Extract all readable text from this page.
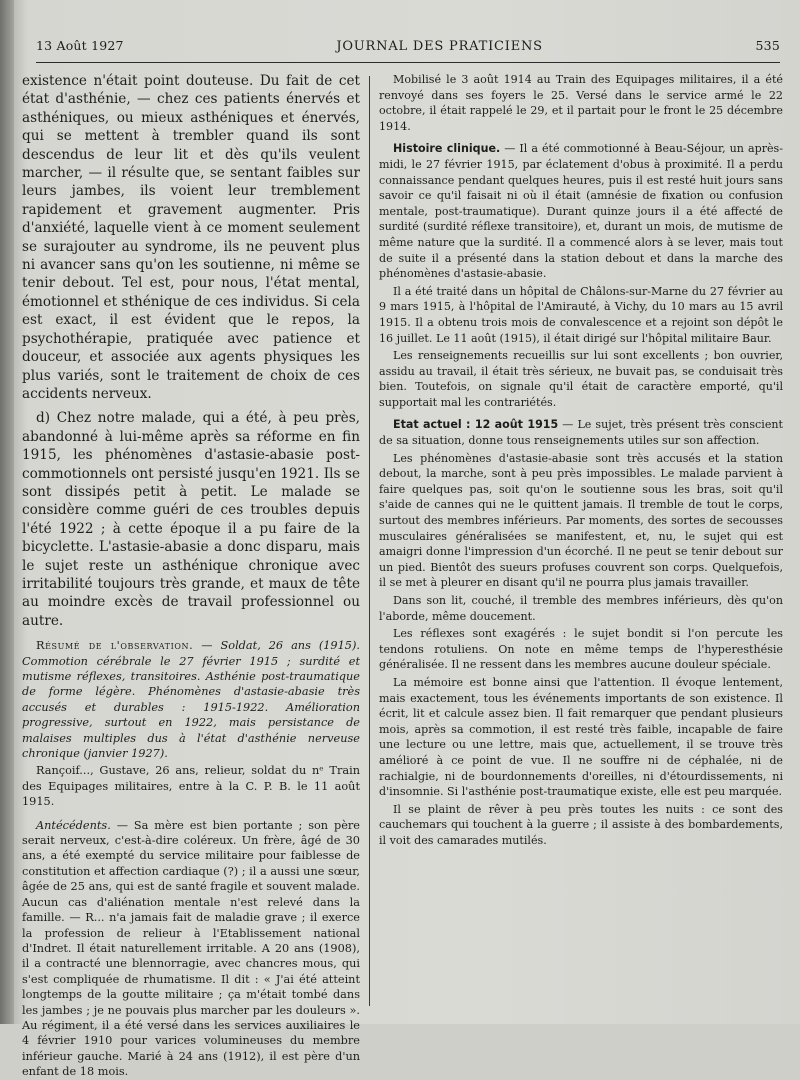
13 Août 1927	JOURNAL DES PRATICIENS	535

existence n'était point douteuse. Du fait de cet état d'asthénie, — chez ces patients énervés et asthéniques, ou mieux asthéniques et énervés, qui se mettent à trembler quand ils sont descendus de leur lit et dès qu'ils veulent marcher, — il résulte que, se sentant faibles sur leurs jambes, ils voient leur tremblement rapidement et gravement augmenter. Pris d'anxiété, laquelle vient à ce moment seulement se surajouter au syndrome, ils ne peuvent plus ni avancer sans qu'on les soutienne, ni même se tenir debout. Tel est, pour nous, l'état mental, émotionnel et sthénique de ces individus. Si cela est exact, il est évident que le repos, la psychothérapie, pratiquée avec patience et douceur, et associée aux agents physiques les plus variés, sont le traitement de choix de ces accidents nerveux.

d) Chez notre malade, qui a été, à peu près, abandonné à lui-même après sa réforme en fin 1915, les phénomènes d'astasie-abasie post-commotionnels ont persisté jusqu'en 1921. Ils se sont dissipés petit à petit. Le malade se considère comme guéri de ces troubles depuis l'été 1922 ; à cette époque il a pu faire de la bicyclette. L'astasie-abasie a donc disparu, mais le sujet reste un asthénique chronique avec irritabilité toujours très grande, et maux de tête au moindre excès de travail professionnel ou autre.

Résumé de l'observation. — Soldat, 26 ans (1915). Commotion cérébrale le 27 février 1915 ; surdité et mutisme réflexes, transitoires. Asthénie post-traumatique de forme légère. Phénomènes d'astasie-abasie très accusés et durables : 1915-1922. Amélioration progressive, surtout en 1922, mais persistance de malaises multiples dus à l'état d'asthénie nerveuse chronique (janvier 1927).

Rançoif..., Gustave, 26 ans, relieur, soldat du nᵉ Train des Equipages militaires, entre à la C. P. B. le 11 août 1915.

Antécédents. — Sa mère est bien portante ; son père serait nerveux, c'est-à-dire coléreux. Un frère, âgé de 30 ans, a été exempté du service militaire pour faiblesse de constitution et affection cardiaque (?) ; il a aussi une sœur, âgée de 25 ans, qui est de santé fragile et souvent malade. Aucun cas d'aliénation mentale n'est relevé dans la famille. — R... n'a jamais fait de maladie grave ; il exerce la profession de relieur à l'Etablissement national d'Indret. Il était naturellement irritable. A 20 ans (1908), il a contracté une blennorragie, avec chancres mous, qui s'est compliquée de rhumatisme. Il dit : « J'ai été atteint longtemps de la goutte militaire ; ça m'était tombé dans les jambes ; je ne pouvais plus marcher par les douleurs ». Au régiment, il a été versé dans les services auxiliaires le 4 février 1910 pour varices volumineuses du membre inférieur gauche. Marié à 24 ans (1912), il est père d'un enfant de 18 mois.

Mobilisé le 3 août 1914 au Train des Equipages militaires, il a été renvoyé dans ses foyers le 25. Versé dans le service armé le 22 octobre, il était rappelé le 29, et il partait pour le front le 25 décembre 1914.

Histoire clinique. — Il a été commotionné à Beau-Séjour, un après-midi, le 27 février 1915, par éclatement d'obus à proximité. Il a perdu connaissance pendant quelques heures, puis il est resté huit jours sans savoir ce qu'il faisait ni où il était (amnésie de fixation ou confusion mentale, post-traumatique). Durant quinze jours il a été affecté de surdité (surdité réflexe transitoire), et, durant un mois, de mutisme de même nature que la surdité. Il a commencé alors à se lever, mais tout de suite il a présenté dans la station debout et dans la marche des phénomènes d'astasie-abasie.

Il a été traité dans un hôpital de Châlons-sur-Marne du 27 février au 9 mars 1915, à l'hôpital de l'Amirauté, à Vichy, du 10 mars au 15 avril 1915. Il a obtenu trois mois de convalescence et a rejoint son dépôt le 16 juillet. Le 11 août (1915), il était dirigé sur l'hôpital militaire Baur.

Les renseignements recueillis sur lui sont excellents ; bon ouvrier, assidu au travail, il était très sérieux, ne buvait pas, se conduisait très bien. Toutefois, on signale qu'il était de caractère emporté, qu'il supportait mal les contrariétés.

Etat actuel : 12 août 1915 — Le sujet, très présent très conscient de sa situation, donne tous renseignements utiles sur son affection.

Les phénomènes d'astasie-abasie sont très accusés et la station debout, la marche, sont à peu près impossibles. Le malade parvient à faire quelques pas, soit qu'on le soutienne sous les bras, soit qu'il s'aide de cannes qui ne le quittent jamais. Il tremble de tout le corps, surtout des membres inférieurs. Par moments, des sortes de secousses musculaires généralisées se manifestent, et, nu, le sujet qui est amaigri donne l'impression d'un écorché. Il ne peut se tenir debout sur un pied. Bientôt des sueurs profuses couvrent son corps. Quelquefois, il se met à pleurer en disant qu'il ne pourra plus jamais travailler.

Dans son lit, couché, il tremble des membres inférieurs, dès qu'on l'aborde, même doucement.

Les réflexes sont exagérés : le sujet bondit si l'on percute les tendons rotuliens. On note en même temps de l'hyperesthésie généralisée. Il ne ressent dans les membres aucune douleur spéciale.

La mémoire est bonne ainsi que l'attention. Il évoque lentement, mais exactement, tous les événements importants de son existence. Il écrit, lit et calcule assez bien. Il fait remarquer que pendant plusieurs mois, après sa commotion, il est resté très faible, incapable de faire une lecture ou une lettre, mais que, actuellement, il se trouve très amélioré à ce point de vue. Il ne souffre ni de céphalée, ni de rachialgie, ni de bourdonnements d'oreilles, ni d'étourdissements, ni d'insomnie. Si l'asthénie post-traumatique existe, elle est peu marquée.

Il se plaint de rêver à peu près toutes les nuits : ce sont des cauchemars qui touchent à la guerre ; il assiste à des bombardements, il voit des camarades mutilés.
